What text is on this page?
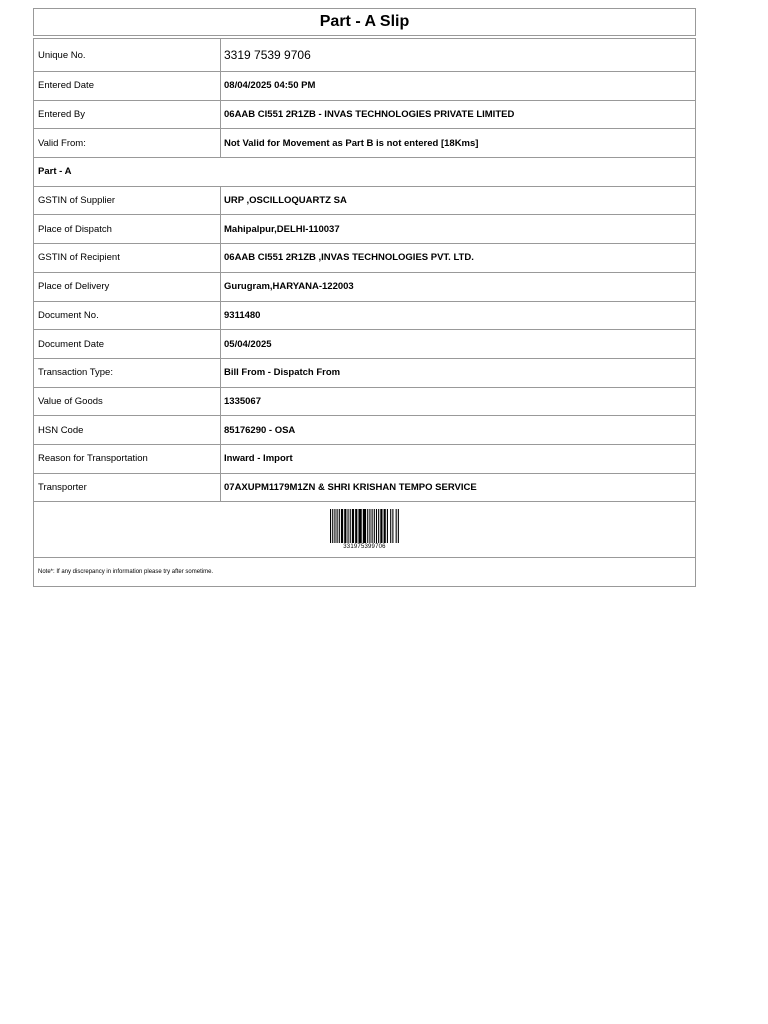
Part - A Slip
Unique No.	3319 7539 9706
Entered Date	08/04/2025 04:50 PM
Entered By	06AAB CI551 2R1ZB - INVAS TECHNOLOGIES PRIVATE LIMITED
Valid From:	Not Valid for Movement as Part B is not entered [18Kms]
Part - A
GSTIN of Supplier	URP ,OSCILLOQUARTZ SA
Place of Dispatch	Mahipalpur,DELHI-110037
GSTIN of Recipient	06AAB CI551 2R1ZB ,INVAS TECHNOLOGIES PVT. LTD.
Place of Delivery	Gurugram,HARYANA-122003
Document No.	9311480
Document Date	05/04/2025
Transaction Type:	Bill From - Dispatch From
Value of Goods	1335067
HSN Code	85176290 - OSA
Reason for Transportation	Inward - Import
Transporter	07AXUPM1179M1ZN & SHRI KRISHAN TEMPO SERVICE
331975399706
Note*: If any discrepancy in information please try after sometime.
